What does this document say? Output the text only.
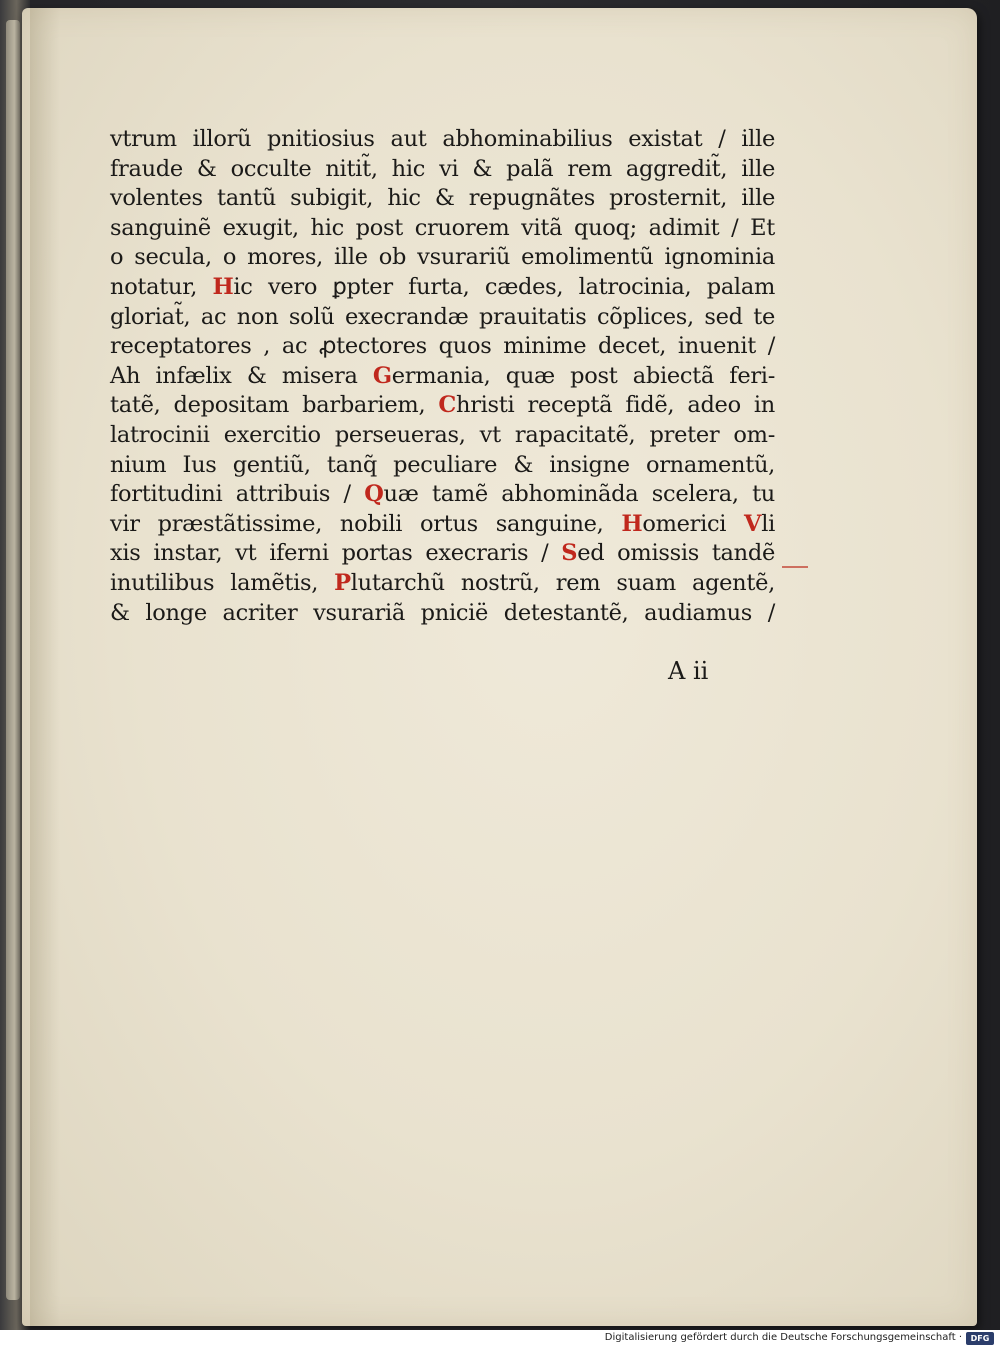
vtrum illorũ pnitiosius aut abhominabilius existat / ille
fraude & occulte nitit̃, hic vi & palã rem aggredit̃, ille
volentes tantũ subigit, hic & repugnãtes prosternit, ille
sanguinẽ exugit, hic post cruorem vitã quoq; adimit / Et
o secula, o mores, ille ob vsurariũ emolimentũ ignominia
notatur, Hic vero ꝑpter furta, cædes, latrocinia, palam
gloriat̃, ac non solũ execrandæ prauitatis cõplices, sed te
receptatores , ac ꝓtectores quos minime decet, inuenit /
Ah infælix & misera Germania, quæ post abiectã feri-
tatẽ, depositam barbariem, Christi receptã fidẽ, adeo in
latrocinii exercitio perseueras, vt rapacitatẽ, preter om-
nium Ius gentiũ, tanq̃ peculiare & insigne ornamentũ,
fortitudini attribuis / Quæ tamẽ abhominãda scelera, tu
vir præstãtissime, nobili ortus sanguine, Homerici Vli
xis instar, vt iferni portas execraris / Sed omissis tandẽ
inutilibus lamẽtis, Plutarchũ nostrũ, rem suam agentẽ,
& longe acriter vsurariã pnicië detestantẽ, audiamus /
A ii
Digitalisierung gefördert durch die Deutsche Forschungsgemeinschaft ·	DFG
